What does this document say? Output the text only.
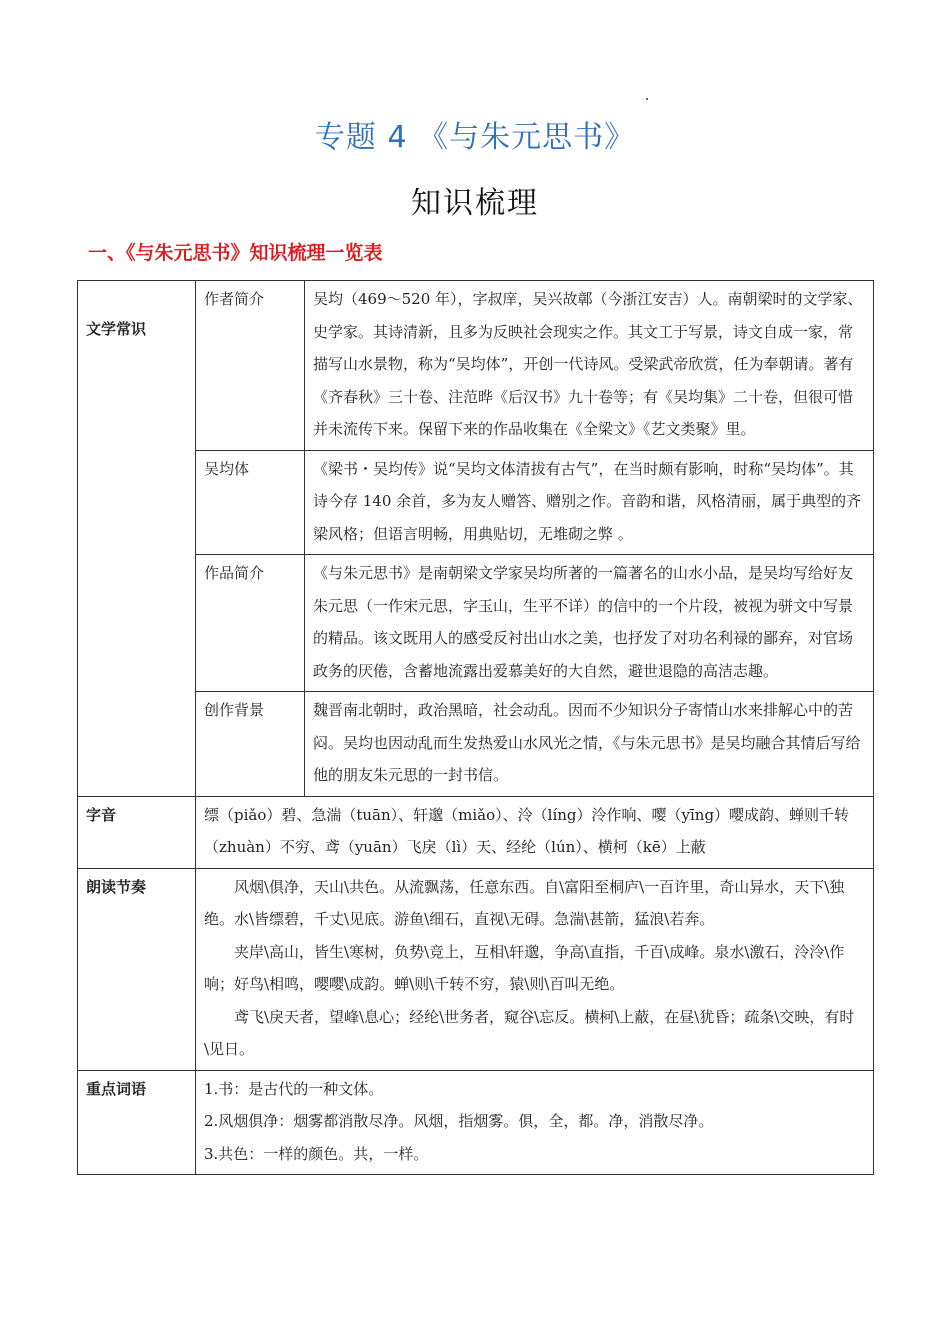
专题 4 《与朱元思书》
知识梳理
一、《与朱元思书》知识梳理一览表
文学常识	作者简介	吴均（469～520 年），字叔庠，吴兴故鄣（今浙江安吉）人。南朝梁时的文学家、史学家。其诗清新，且多为反映社会现实之作。其文工于写景，诗文自成一家，常描写山水景物，称为“吴均体”，开创一代诗风。受梁武帝欣赏，任为奉朝请。著有《齐春秋》三十卷、注范晔《后汉书》九十卷等；有《吴均集》二十卷，但很可惜并未流传下来。保留下来的作品收集在《全梁文》《艺文类聚》里。
	吴均体	《梁书・吴均传》说“吴均文体清拔有古气”，在当时颇有影响，时称“吴均体”。其诗今存 140 余首，多为友人赠答、赠别之作。音韵和谐，风格清丽，属于典型的齐梁风格；但语言明畅，用典贴切，无堆砌之弊 。
	作品简介	《与朱元思书》是南朝梁文学家吴均所著的一篇著名的山水小品，是吴均写给好友朱元思（一作宋元思，字玉山，生平不详）的信中的一个片段，被视为骈文中写景的精品。该文既用人的感受反衬出山水之美，也抒发了对功名利禄的鄙弃，对官场政务的厌倦，含蓄地流露出爱慕美好的大自然，避世退隐的高洁志趣。
	创作背景	魏晋南北朝时，政治黑暗，社会动乱。因而不少知识分子寄情山水来排解心中的苦闷。吴均也因动乱而生发热爱山水风光之情，《与朱元思书》是吴均融合其情后写给他的朋友朱元思的一封书信。
字音	缥（piǎo）碧、急湍（tuān）、轩邈（miǎo）、泠（líng）泠作响、嘤（yīng）嘤成韵、蝉则千转（zhuàn）不穷、鸢（yuān）飞戾（lì）天、经纶（lún）、横柯（kē）上蔽	
朗读节奏	风烟\俱净，天山\共色。从流飘荡，任意东西。自\富阳至桐庐\一百许里，奇山异水，天下\独绝。水\皆缥碧，千丈\见底。游鱼\细石，直视\无碍。急湍\甚箭，猛浪\若奔。

夹岸\高山，皆生\寒树，负势\竞上，互相\轩邈，争高\直指，千百\成峰。泉水\激石，泠泠\作响；好鸟\相鸣，嘤嘤\成韵。蝉\则\千转不穷，猿\则\百叫无绝。

鸢飞\戾天者，望峰\息心；经纶\世务者，窥谷\忘反。横柯\上蔽，在昼\犹昏；疏条\交映，有时\见日。	

重点词语	1.书：是古代的一种文体。

2.风烟俱净：烟雾都消散尽净。风烟，指烟雾。俱，全，都。净，消散尽净。

3.共色：一样的颜色。共，一样。	
